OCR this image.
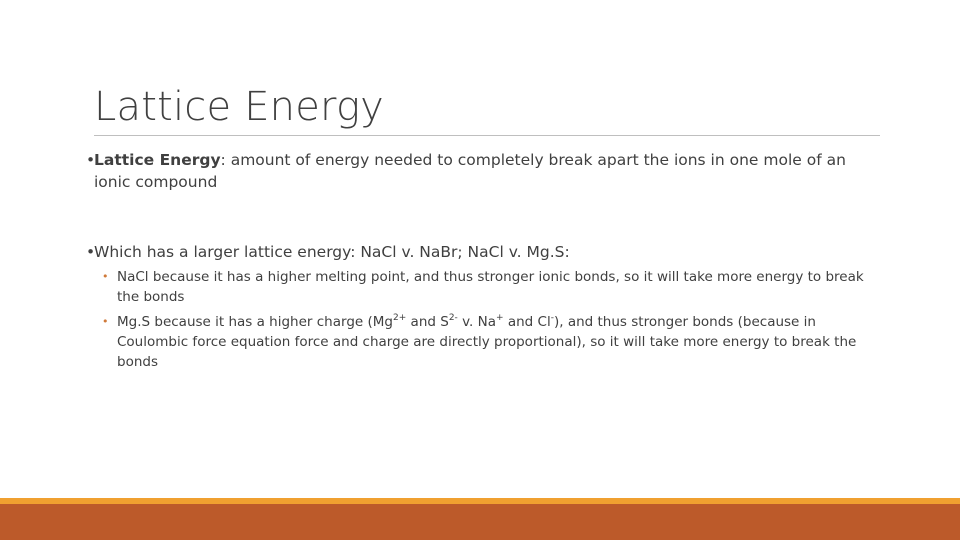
Lattice Energy

•
Lattice Energy: amount of energy needed to completely break apart the ions in one mole of an ionic compound

•
Which has a larger lattice energy: NaCl v. NaBr; NaCl v. Mg.S:

• NaCl because it has a higher melting point, and thus stronger ionic bonds, so it will take more energy to break the bonds

• Mg.S because it has a higher charge ($Mg^{2+}$ and $S^{2-}$ v. Na+ and Cl-), and thus stronger bonds (because in Coulombic force equation force and charge are directly proportional), so it will take more energy to break the bonds
